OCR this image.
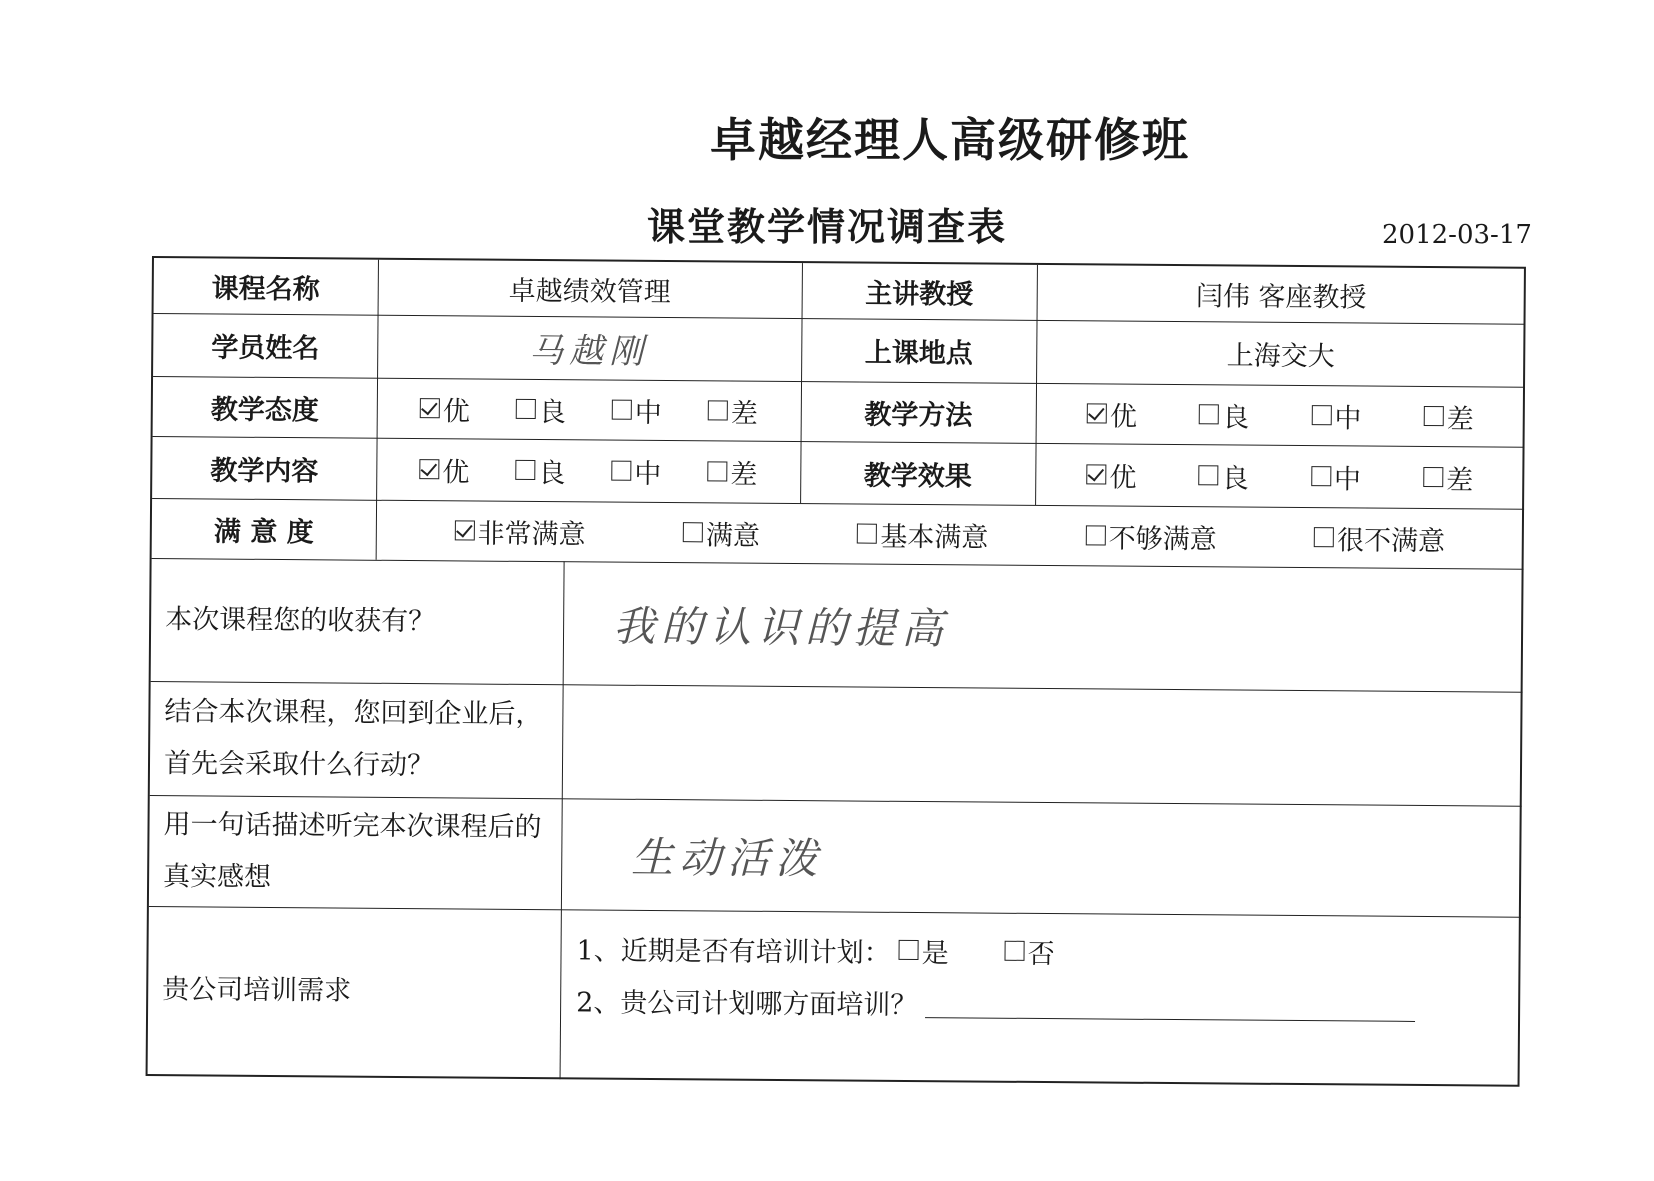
卓越经理人高级研修班
课堂教学情况调查表	2012-03-17
课程名称	卓越绩效管理	主讲教授	闫伟 客座教授
学员姓名	马越刚	上课地点	上海交大
教学态度	优	良	中	差	教学方法	优	良	中	差
教学内容	优	良	中	差	教学效果	优	良	中	差
满 意 度	非常满意	满意	基本满意	不够满意	很不满意
本次课程您的收获有？	我的认识的提高
结合本次课程，您回到企业后，首先会采取什么行动？
用一句话描述听完本次课程后的真实感想	生动活泼
贵公司培训需求
1、近期是否有培训计划： 是	否
2、贵公司计划哪方面培训？
